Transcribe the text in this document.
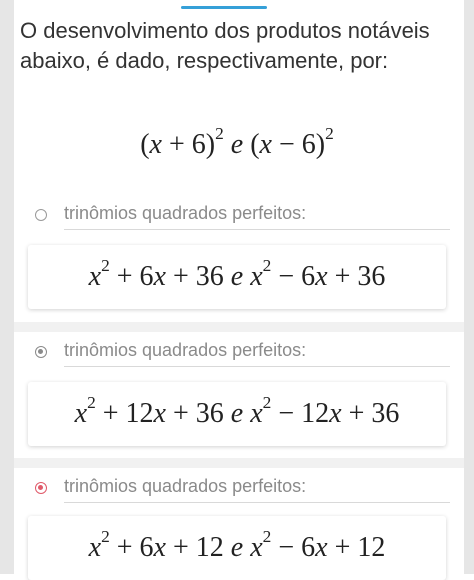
O desenvolvimento dos produtos notáveis abaixo, é dado, respectivamente, por:
$(x + 6)^2$ e $(x - 6)^2$
trinômios quadrados perfeitos:
$x^2 + 6x + 36$ e $x^2 - 6x + 36$
trinômios quadrados perfeitos:
$x^2 + 12x + 36$ e $x^2 - 12x + 36$
trinômios quadrados perfeitos:
$x^2 + 6x + 12$ e $x^2 - 6x + 12$
